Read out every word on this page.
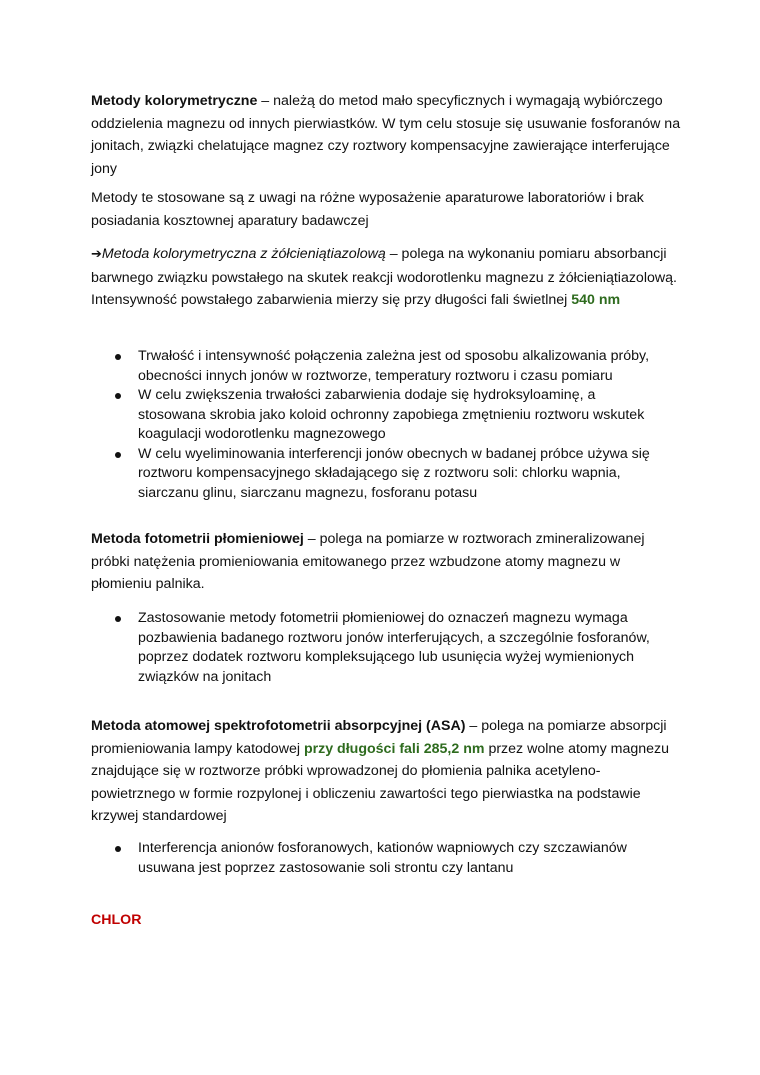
Metody kolorymetryczne – należą do metod mało specyficznych i wymagają wybiórczego oddzielenia magnezu od innych pierwiastków. W tym celu stosuje się usuwanie fosforanów na jonitach, związki chelatujące magnez czy roztwory kompensacyjne zawierające interferujące jony

Metody te stosowane są z uwagi na różne wyposażenie aparaturowe laboratoriów i brak posiadania kosztownej aparatury badawczej

➔Metoda kolorymetryczna z żółcieniątiazolową – polega na wykonaniu pomiaru absorbancji barwnego związku powstałego na skutek reakcji wodorotlenku magnezu z żółcieniątiazolową. Intensywność powstałego zabarwienia mierzy się przy długości fali świetlnej 540 nm

Trwałość i intensywność połączenia zależna jest od sposobu alkalizowania próby, obecności innych jonów w roztworze, temperatury roztworu i czasu pomiaru
W celu zwiększenia trwałości zabarwienia dodaje się hydroksyloaminę, a stosowana skrobia jako koloid ochronny zapobiega zmętnieniu roztworu wskutek koagulacji wodorotlenku magnezowego
W celu wyeliminowania interferencji jonów obecnych w badanej próbce używa się roztworu kompensacyjnego składającego się z roztworu soli: chlorku wapnia, siarczanu glinu, siarczanu magnezu, fosforanu potasu

Metoda fotometrii płomieniowej – polega na pomiarze w roztworach zmineralizowanej próbki natężenia promieniowania emitowanego przez wzbudzone atomy magnezu w płomieniu palnika.

Zastosowanie metody fotometrii płomieniowej do oznaczeń magnezu wymaga pozbawienia badanego roztworu jonów interferujących, a szczególnie fosforanów, poprzez dodatek roztworu kompleksującego lub usunięcia wyżej wymienionych związków na jonitach

Metoda atomowej spektrofotometrii absorpcyjnej (ASA) – polega na pomiarze absorpcji promieniowania lampy katodowej przy długości fali 285,2 nm przez wolne atomy magnezu znajdujące się w roztworze próbki wprowadzonej do płomienia palnika acetyleno-powietrznego w formie rozpylonej i obliczeniu zawartości tego pierwiastka na podstawie krzywej standardowej

Interferencja anionów fosforanowych, kationów wapniowych czy szczawianów usuwana jest poprzez zastosowanie soli strontu czy lantanu

CHLOR
